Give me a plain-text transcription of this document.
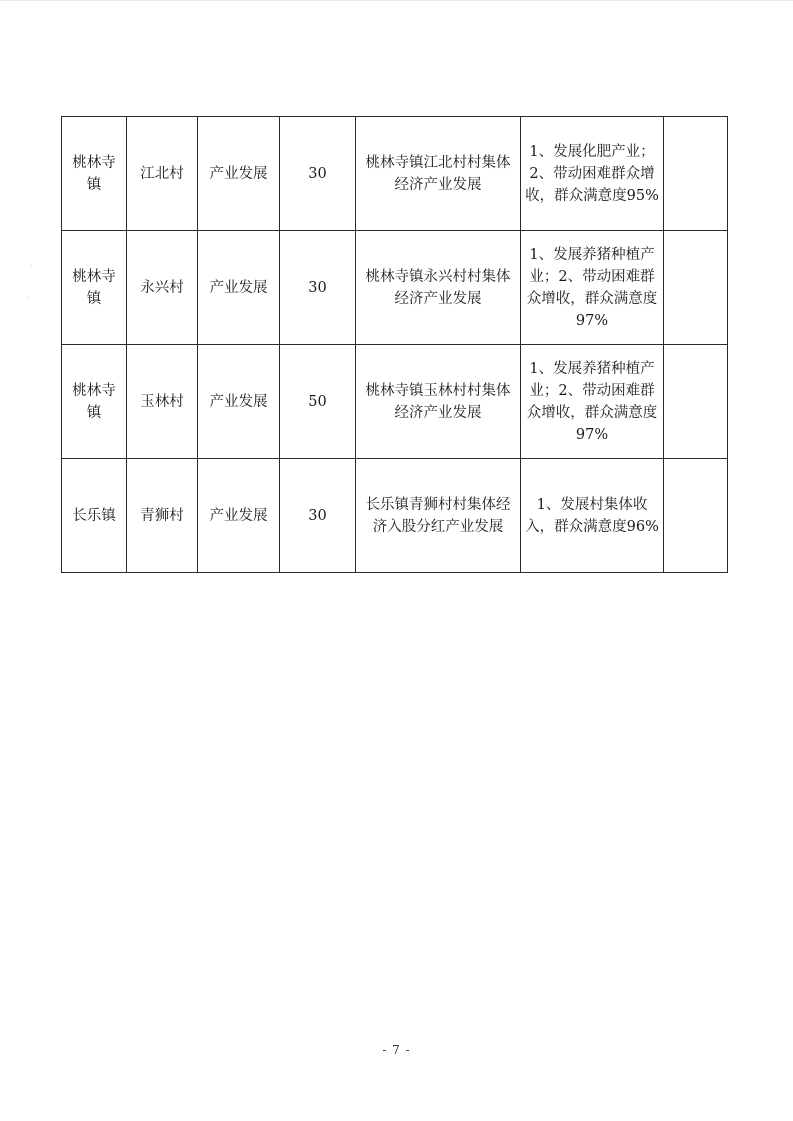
·
·
桃林寺镇	江北村	产业发展	30	桃林寺镇江北村村集体经济产业发展	1、发展化肥产业；2、带动困难群众增收，群众满意度95%	
桃林寺镇	永兴村	产业发展	30	桃林寺镇永兴村村集体经济产业发展	1、发展养猪种植产业；2、带动困难群众增收，群众满意度97%	
桃林寺镇	玉林村	产业发展	50	桃林寺镇玉林村村集体经济产业发展	1、发展养猪种植产业；2、带动困难群众增收，群众满意度97%	
长乐镇	青狮村	产业发展	30	长乐镇青狮村村集体经济入股分红产业发展	1、发展村集体收入，群众满意度96%	
- 7 -
